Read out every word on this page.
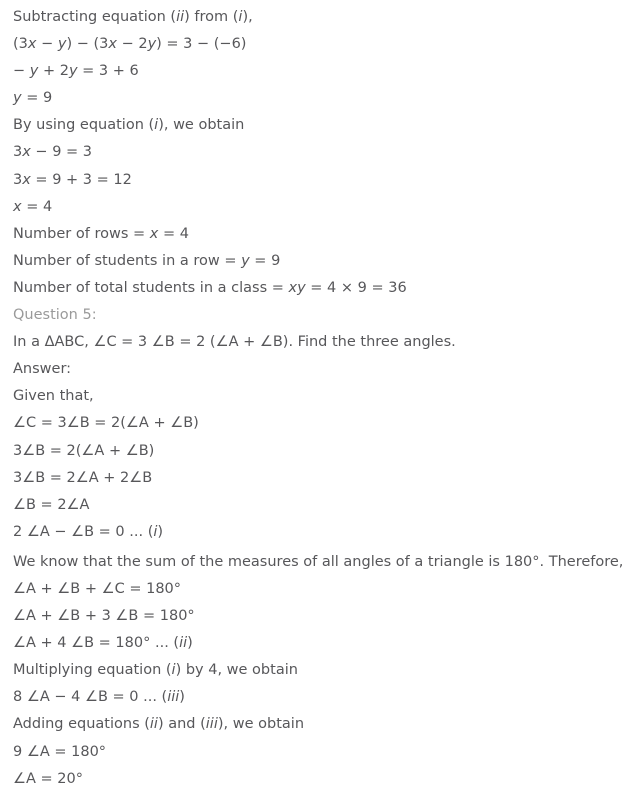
Subtracting equation (ii) from (i),
(3x − y) − (3x − 2y) = 3 − (−6)
− y + 2y = 3 + 6
y = 9
By using equation (i), we obtain
3x − 9 = 3
3x = 9 + 3 = 12
x = 4
Number of rows = x = 4
Number of students in a row = y = 9
Number of total students in a class = xy = 4 × 9 = 36
Question 5:
In a ΔABC, ∠C = 3 ∠B = 2 (∠A + ∠B). Find the three angles.
Answer:
Given that,
∠C = 3∠B = 2(∠A + ∠B)
3∠B = 2(∠A + ∠B)
3∠B = 2∠A + 2∠B
∠B = 2∠A
2 ∠A − ∠B = 0 ... (i)
We know that the sum of the measures of all angles of a triangle is 180°. Therefore,
∠A + ∠B + ∠C = 180°
∠A + ∠B + 3 ∠B = 180°
∠A + 4 ∠B = 180° ... (ii)
Multiplying equation (i) by 4, we obtain
8 ∠A − 4 ∠B = 0 ... (iii)
Adding equations (ii) and (iii), we obtain
9 ∠A = 180°
∠A = 20°
